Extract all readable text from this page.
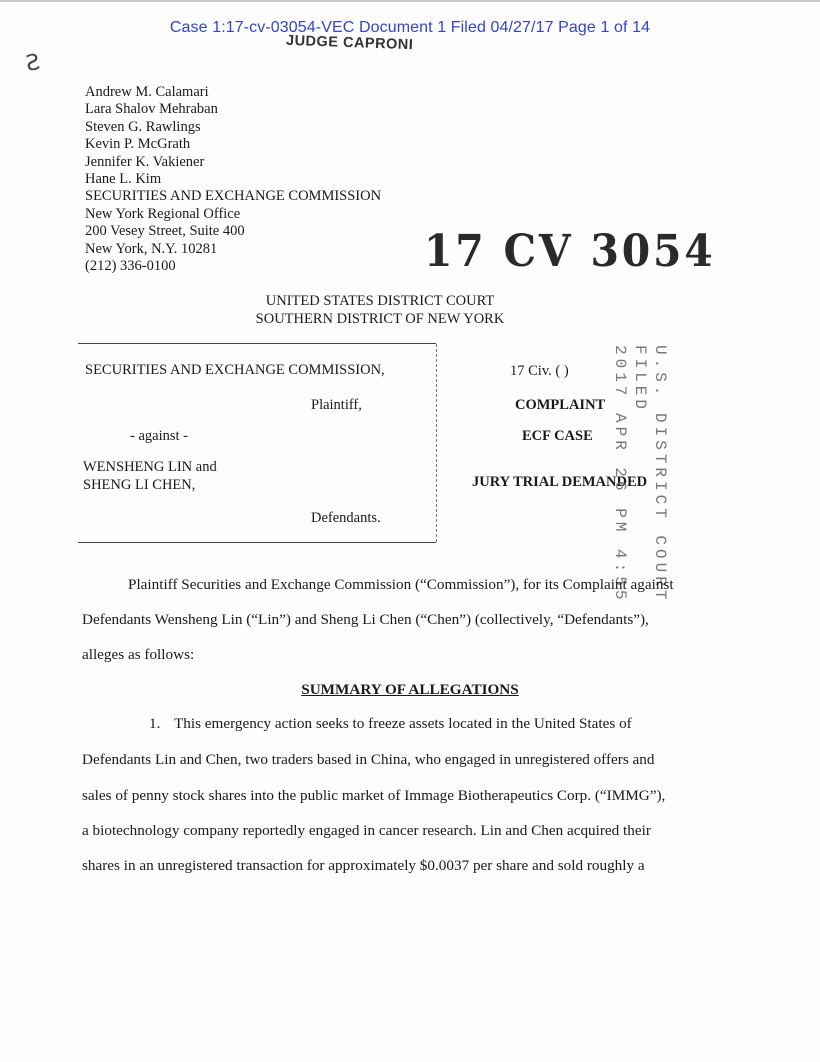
Case 1:17-cv-03054-VEC Document 1 Filed 04/27/17 Page 1 of 14
JUDGE CAPRONI
Ƨ
Andrew M. Calamari
Lara Shalov Mehraban
Steven G. Rawlings
Kevin P. McGrath
Jennifer K. Vakiener
Hane L. Kim
SECURITIES AND EXCHANGE COMMISSION
New York Regional Office
200 Vesey Street, Suite 400
New York, N.Y. 10281
(212) 336-0100	17 CV 3054
UNITED STATES DISTRICT COURT
SOUTHERN DISTRICT OF NEW YORK
SECURITIES AND EXCHANGE COMMISSION,
Plaintiff,
- against -
WENSHENG LIN and
SHENG LI CHEN,
Defendants.
17 Civ. ( )
COMPLAINT
ECF CASE
JURY TRIAL DEMANDED U.S. DISTRICT COURT
FILED
2017 APR 26 PM 4:55
Plaintiff Securities and Exchange Commission (“Commission”), for its Complaint against
Defendants Wensheng Lin (“Lin”) and Sheng Li Chen (“Chen”) (collectively, “Defendants”),
alleges as follows:
SUMMARY OF ALLEGATIONS
1. This emergency action seeks to freeze assets located in the United States of
Defendants Lin and Chen, two traders based in China, who engaged in unregistered offers and
sales of penny stock shares into the public market of Immage Biotherapeutics Corp. (“IMMG”),
a biotechnology company reportedly engaged in cancer research. Lin and Chen acquired their
shares in an unregistered transaction for approximately $0.0037 per share and sold roughly a
